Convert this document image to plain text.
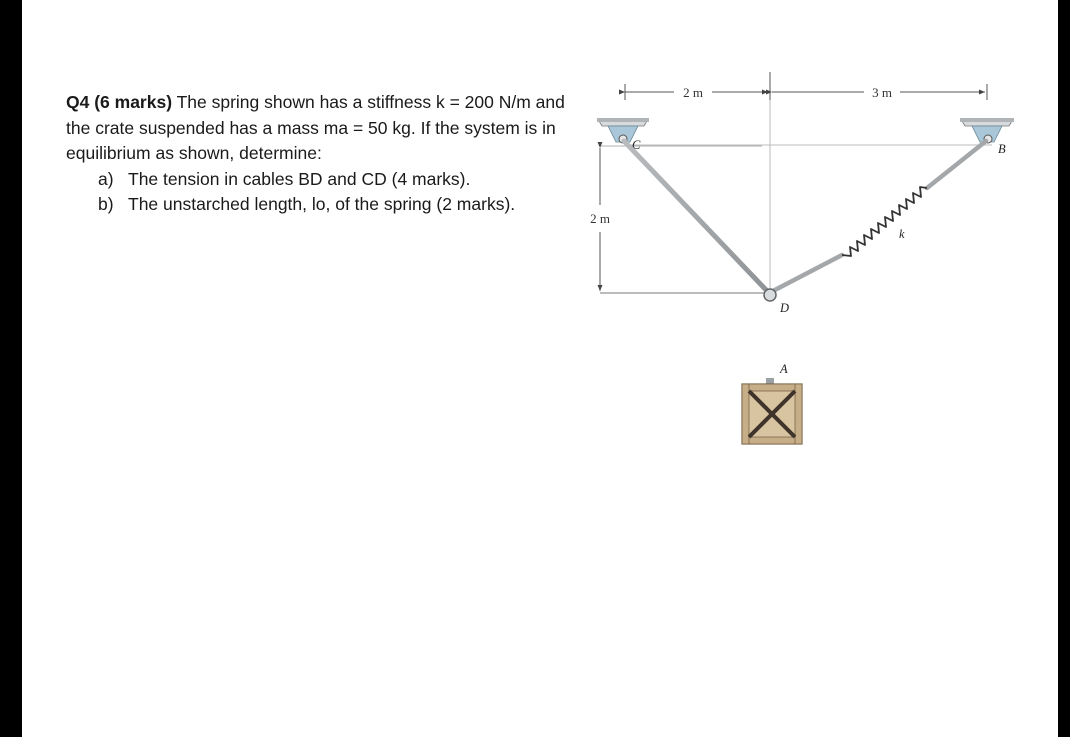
Q4 (6 marks) The spring shown has a stiffness k = 200 N/m and the crate suspended has a mass ma = 50 kg. If the system is in equilibrium as shown, determine:

a) The tension in cables BD and CD (4 marks).
b) The unstarched length, lo, of the spring (2 marks).
2 m	3 m
2 m
C	B
k
D
A
